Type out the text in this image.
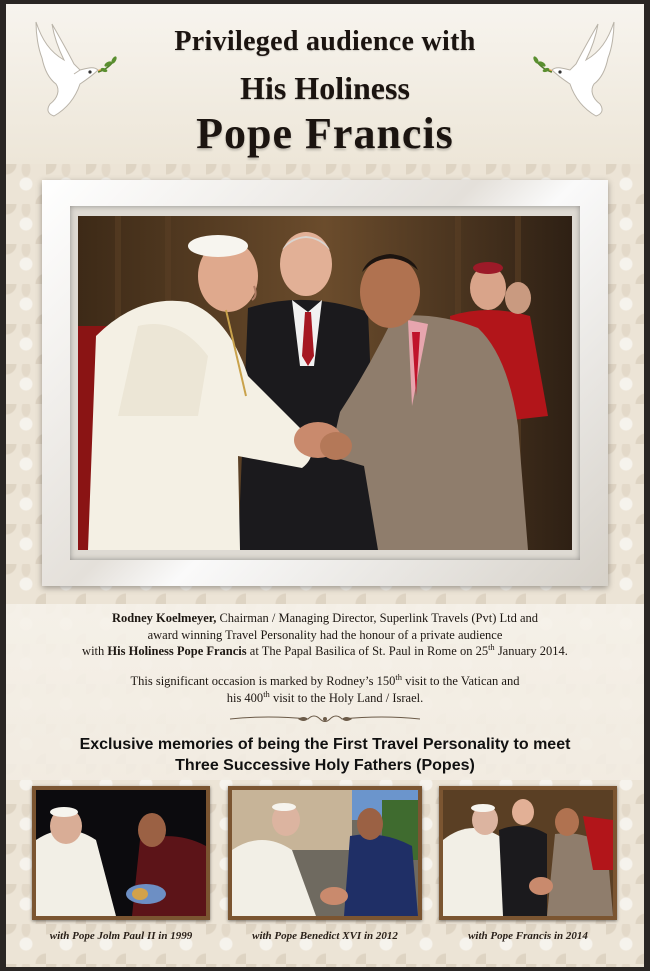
Privileged audience with
His Holiness
Pope Francis
Rodney Koelmeyer, Chairman / Managing Director, Superlink Travels (Pvt) Ltd and
award winning Travel Personality had the honour of a private audience
with His Holiness Pope Francis at The Papal Basilica of St. Paul in Rome on 25th January 2014.
This significant occasion is marked by Rodney’s 150th visit to the Vatican and
his 400th visit to the Holy Land / Israel.
Exclusive memories of being the First Travel Personality to meet
Three Successive Holy Fathers (Popes)
with Pope Jolm Paul II in 1999	with Pope Benedict XVI in 2012	with Pope Francis in 2014
